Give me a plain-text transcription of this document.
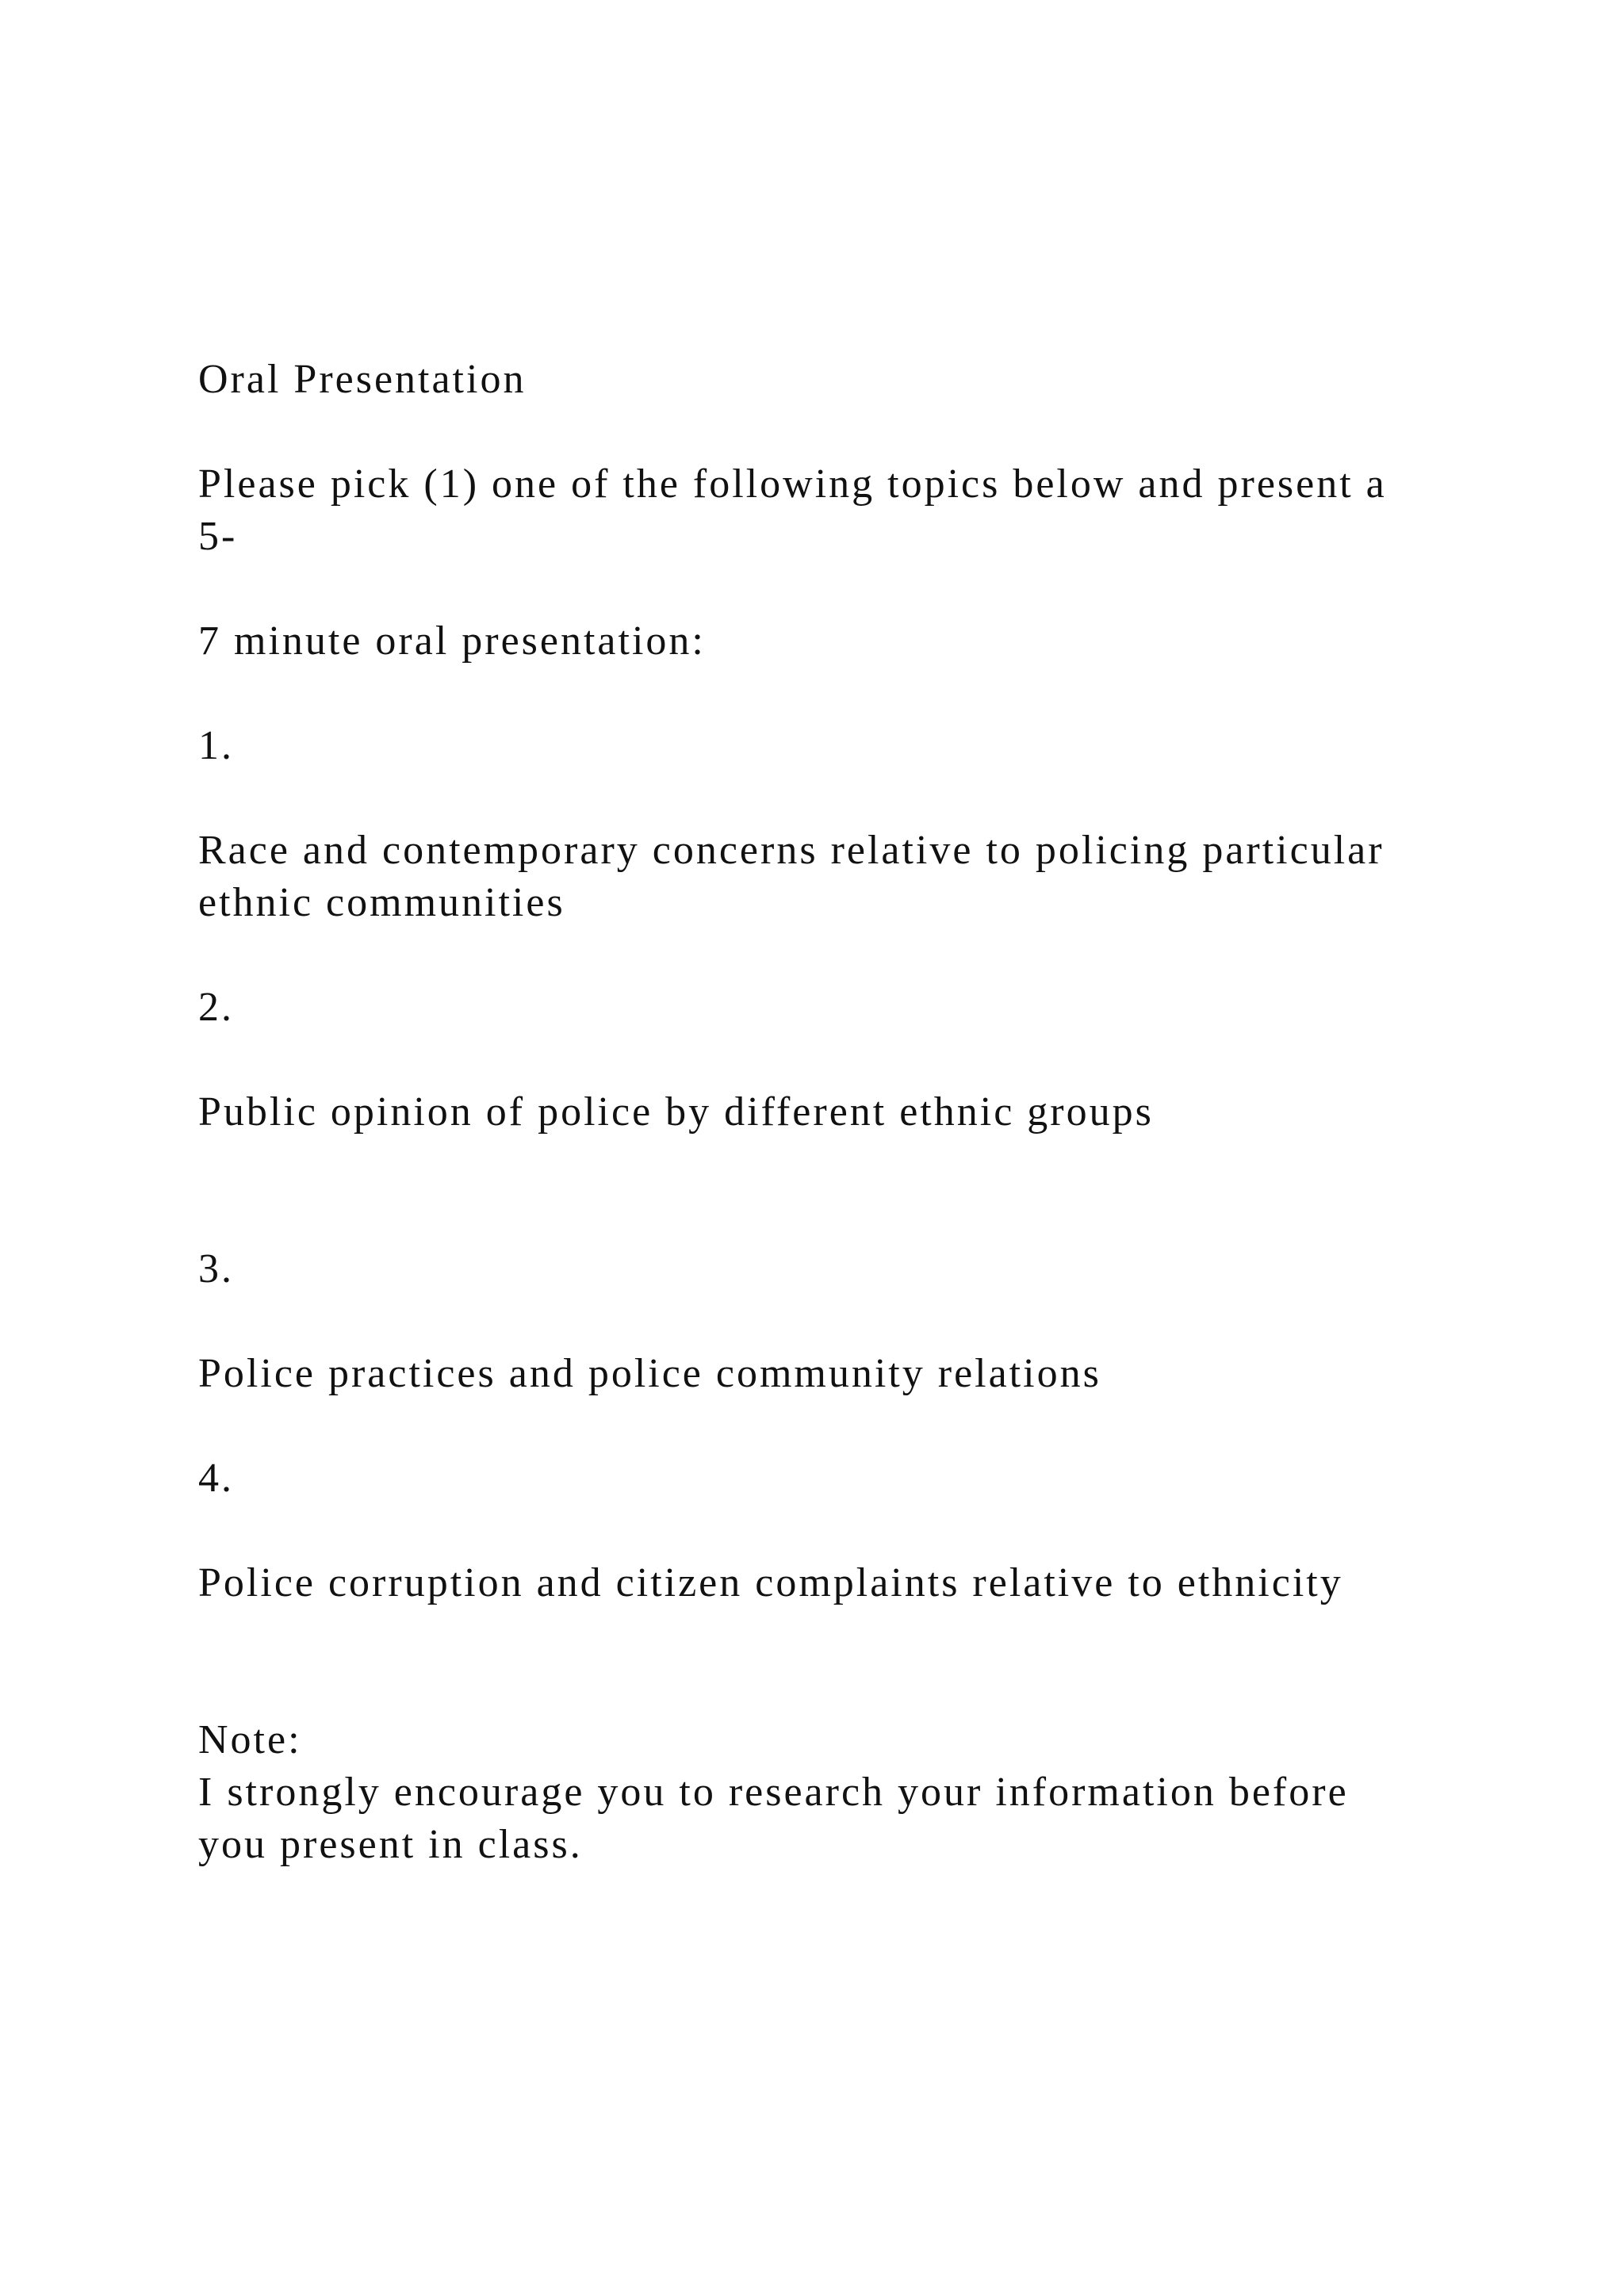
Oral Presentation

Please pick (1) one of the following topics below and present a

5-

7 minute oral presentation:

1.

Race and contemporary concerns relative to policing particular

ethnic communities

2.

Public opinion of police by different ethnic groups

3.

Police practices and police community relations

4.

Police corruption and citizen complaints relative to ethnicity

Note:

I strongly encourage you to research your information before

you present in class.
